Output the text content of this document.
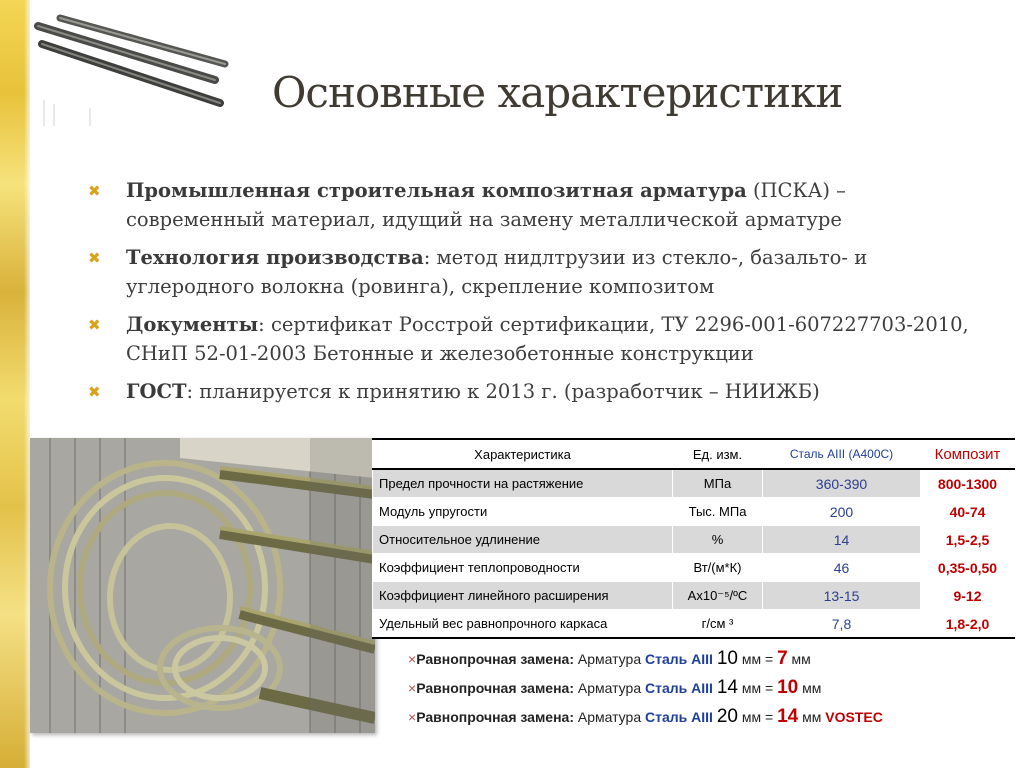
Основные характеристики
✖ Промышленная строительная композитная арматура (ПСКА) – современный материал, идущий на замену металлической арматуре
✖ Технология производства: метод нидлтрузии из стекло-, базальто- и углеродного волокна (ровинга), скрепление композитом
✖ Документы: сертификат Росстрой сертификации, ТУ 2296-001-607227703-2010, СНиП 52-01-2003 Бетонные и железобетонные конструкции
✖ ГОСТ: планируется к принятию к 2013 г. (разработчик – НИИЖБ)
Характеристика	Ед. изм.	Сталь AIII (А400С)	Композит
Предел прочности на растяжение	МПа	360-390	800-1300
Модуль упругости	Тыс. МПа	200	40-74
Относительное удлинение	%	14	1,5-2,5
Коэффициент теплопроводности	Вт/(м*К)	46	0,35-0,50
Коэффициент линейного расширения	Ах10⁻⁵/ºС	13-15	9-12
Удельный вес равнопрочного каркаса	г/см ³	7,8	1,8-2,0
×Равнопрочная замена: Арматура Сталь AIII 10 мм = 7 мм
×Равнопрочная замена: Арматура Сталь AIII 14 мм = 10 мм
×Равнопрочная замена: Арматура Сталь AIII 20 мм = 14 мм VOSTEC
